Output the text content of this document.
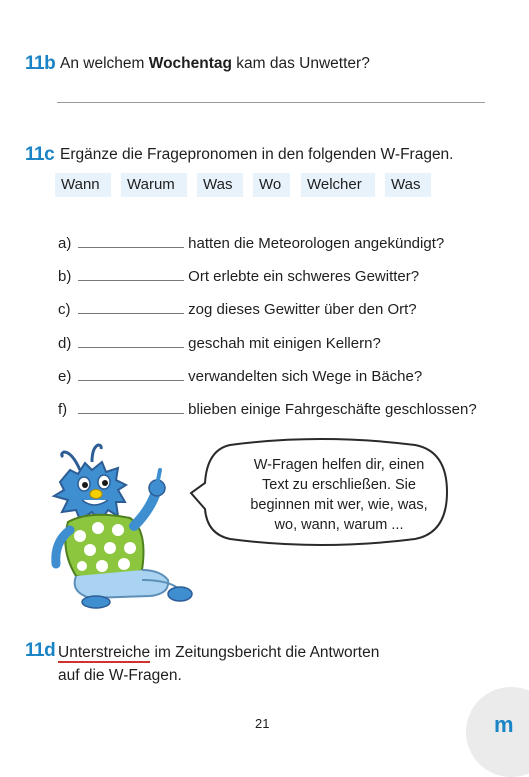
11b An welchem Wochentag kam das Unwetter?
11c Ergänze die Fragepronomen in den folgenden W-Fragen.
Wann	Warum	Was	Wo	Welcher	Was
a)	hatten die Meteorologen angekündigt?
b)	Ort erlebte ein schweres Gewitter?
c)	zog dieses Gewitter über den Ort?
d)	geschah mit einigen Kellern?
e)	verwandelten sich Wege in Bäche?
f)	blieben einige Fahrgeschäfte geschlossen?
W-Fragen helfen dir, einen
Text zu erschließen. Sie
beginnen mit wer, wie, was,
wo, wann, warum ...
11d Unterstreiche im Zeitungsbericht die Antworten
auf die W-Fragen.
21	m
